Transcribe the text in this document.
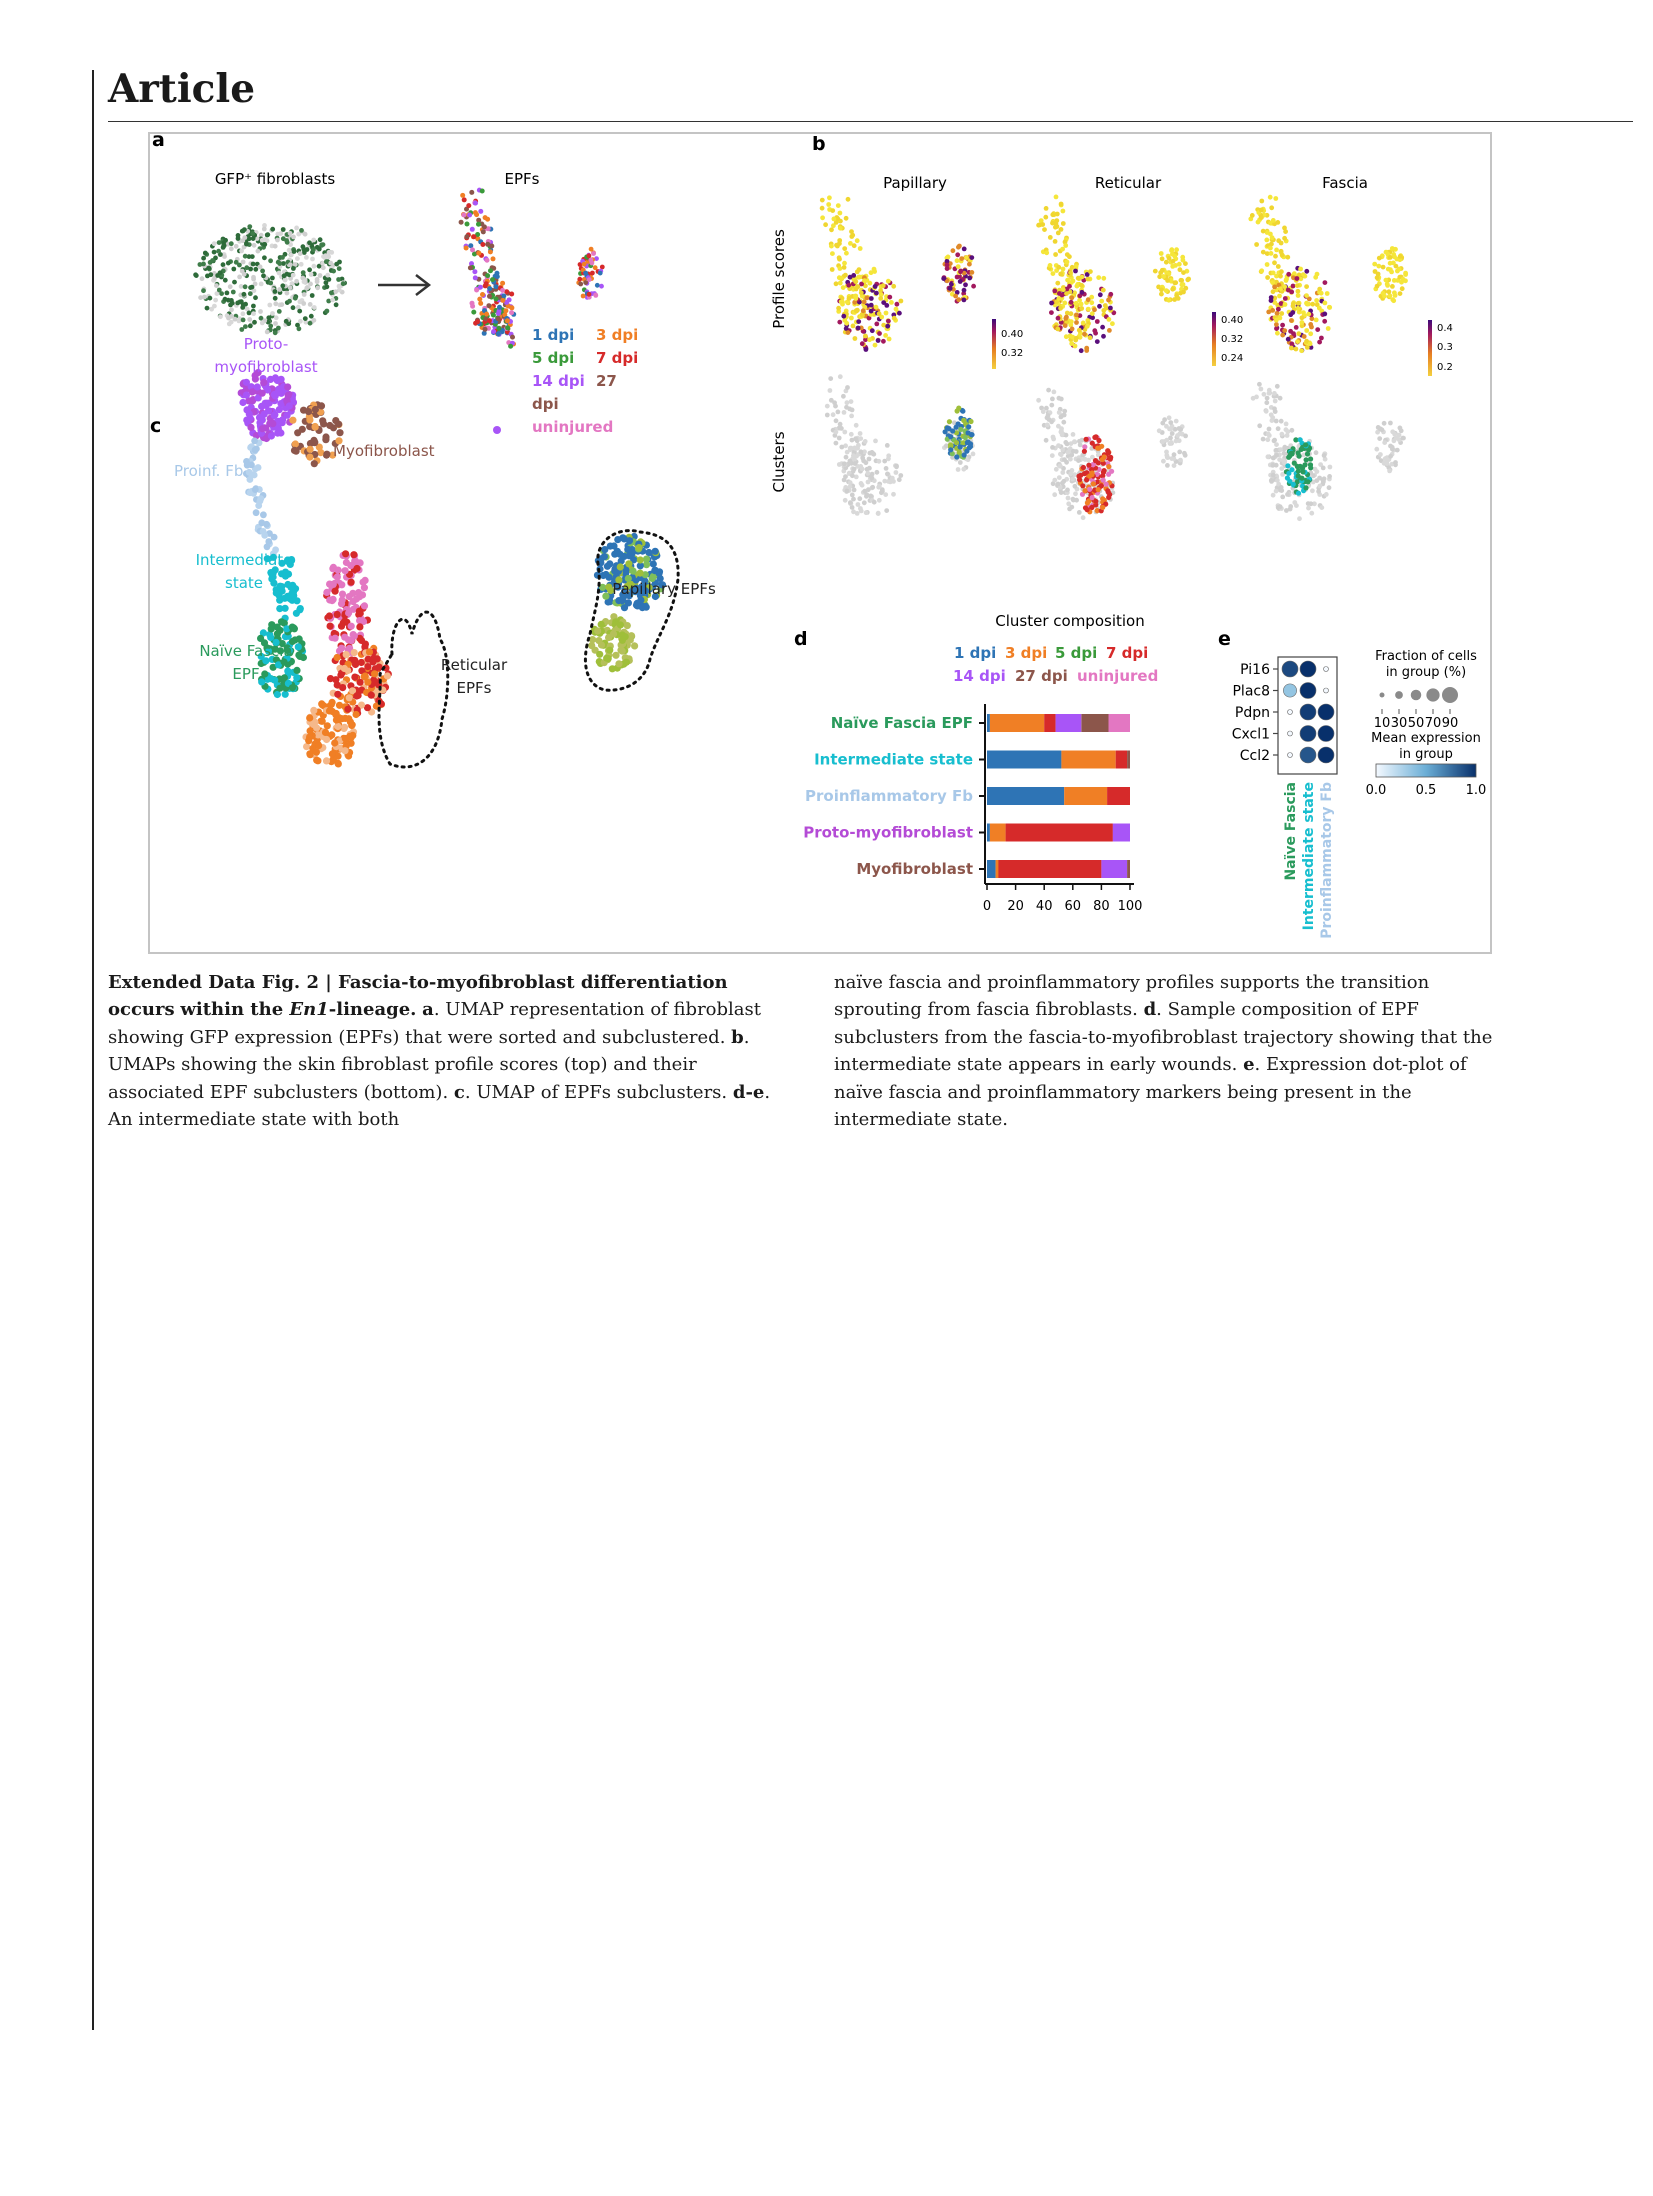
Article
a	b
c
d	e
GFP⁺ fibroblasts	EPFs
1 dpi 3 dpi
5 dpi 7 dpi
14 dpi 27
dpi
uninjured
Papillary	Reticular	Fascia
Profile scores
Clusters
0.40
0.32
0.40
0.32
0.24
0.4
0.3
0.2
Proto-
myofibroblast
Myofibroblast
Proinf. Fb
Intermediate
state
Naïve Fascia
EPF	Reticular
EPFs
Papillary EPFs
Cluster composition
1 dpi 3 dpi 5 dpi 7 dpi
14 dpi 27 dpi uninjured
Naïve Fascia EPF
Intermediate state
Proinflammatory Fb
Proto-myofibroblast
Myofibroblast
0 20 40 60 80 100
Pi16
Plac8
Pdpn
Cxcl1
Ccl2
Naïve Fascia Intermediate state Proinflammatory Fb
Fraction of cells
in group (%)
10 30 50 70 90
Mean expression
in group
0.0 0.5 1.0
Extended Data Fig. 2 | Fascia-to-myofibroblast differentiation occurs within the En1-lineage. a. UMAP representation of fibroblast showing GFP expression (EPFs) that were sorted and subclustered. b. UMAPs showing the skin fibroblast profile scores (top) and their associated EPF subclusters (bottom). c. UMAP of EPFs subclusters. d-e. An intermediate state with both
naïve fascia and proinflammatory profiles supports the transition sprouting from fascia fibroblasts. d. Sample composition of EPF subclusters from the fascia-to-myofibroblast trajectory showing that the intermediate state appears in early wounds. e. Expression dot-plot of naïve fascia and proinflammatory markers being present in the intermediate state.
